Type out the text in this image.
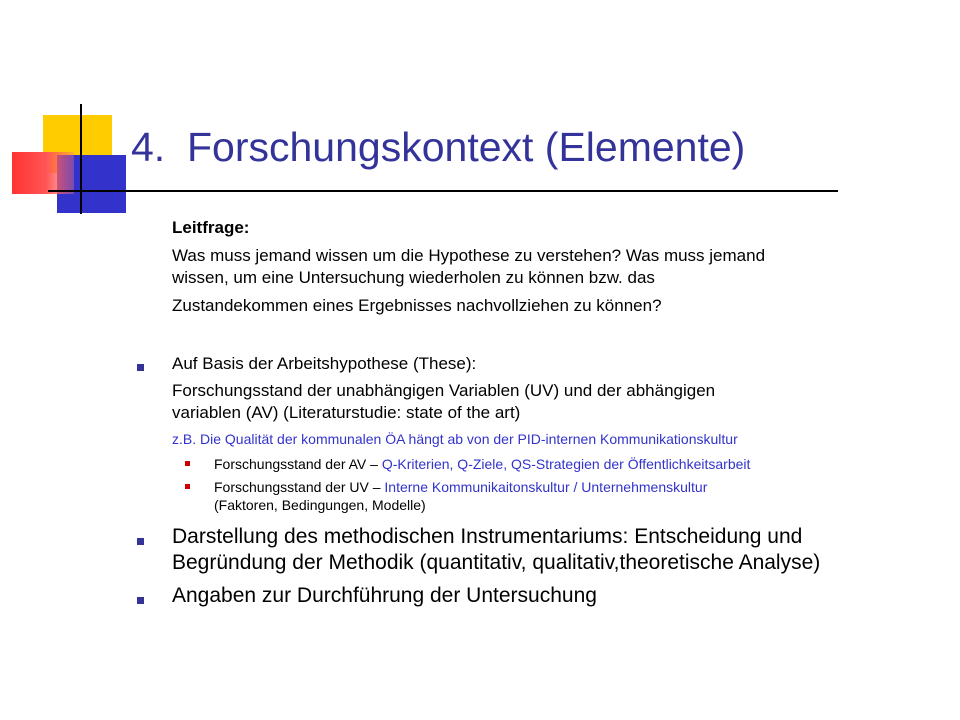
4. Forschungskontext (Elemente)
Leitfrage:
Was muss jemand wissen um die Hypothese zu verstehen? Was muss jemand
wissen, um eine Untersuchung wiederholen zu können bzw. das
Zustandekommen eines Ergebnisses nachvollziehen zu können?
Auf Basis der Arbeitshypothese (These):
Forschungsstand der unabhängigen Variablen (UV) und der abhängigen
variablen (AV) (Literaturstudie: state of the art)
z.B. Die Qualität der kommunalen ÖA hängt ab von der PID-internen Kommunikationskultur
Forschungsstand der AV – Q-Kriterien, Q-Ziele, QS-Strategien der Öffentlichkeitsarbeit
Forschungsstand der UV – Interne Kommunikaitonskultur / Unternehmenskultur
(Faktoren, Bedingungen, Modelle)
Darstellung des methodischen Instrumentariums: Entscheidung und
Begründung der Methodik (quantitativ, qualitativ,theoretische Analyse)
Angaben zur Durchführung der Untersuchung
